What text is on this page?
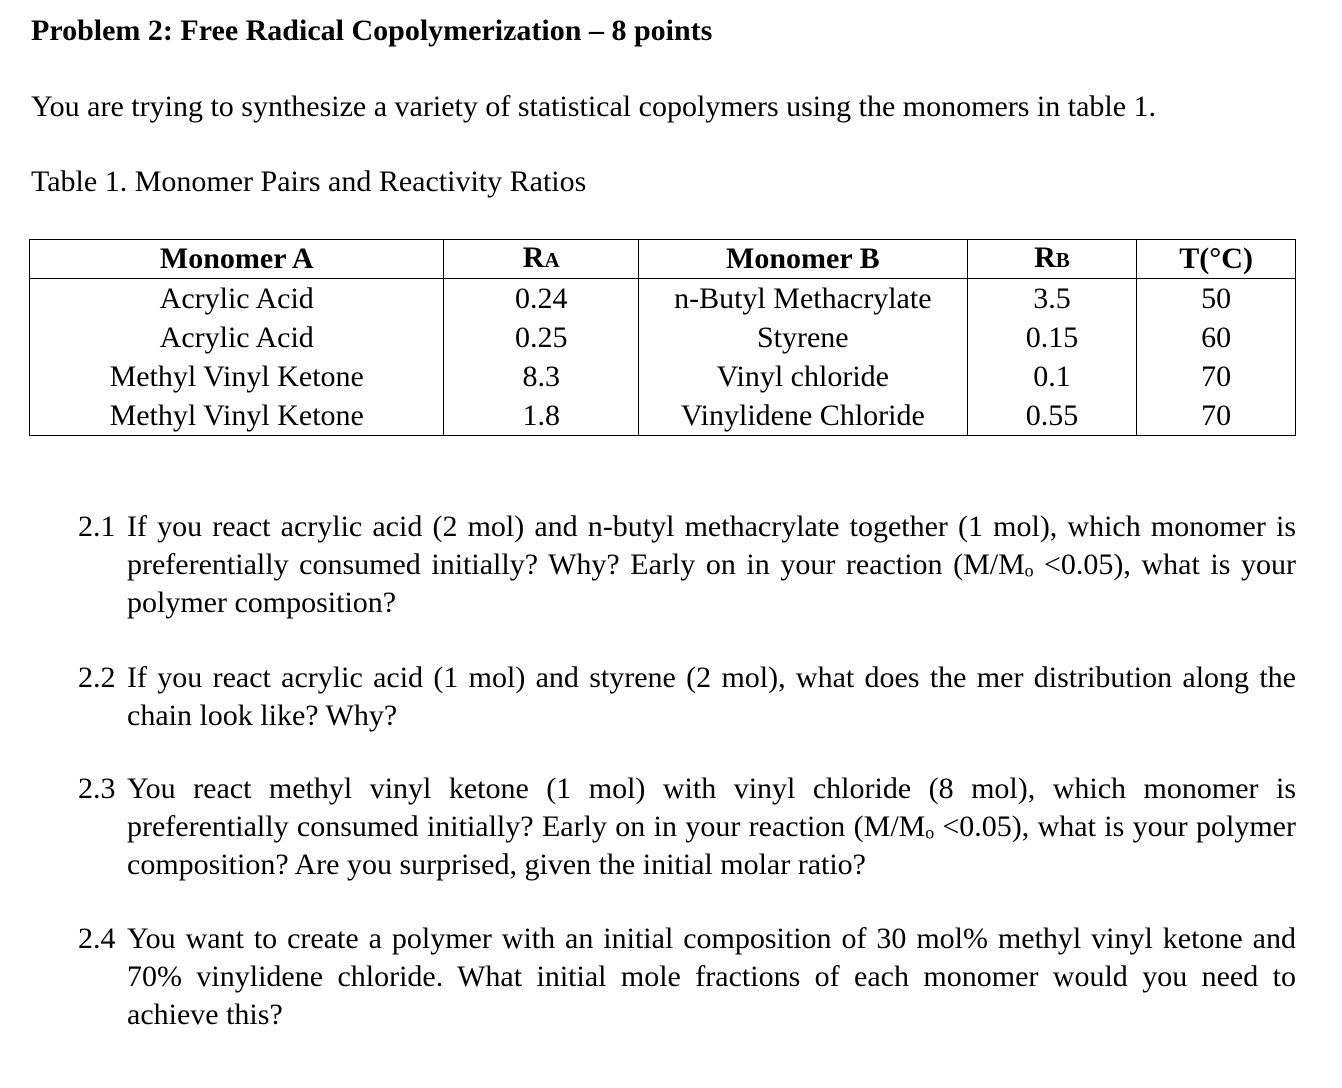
Problem 2: Free Radical Copolymerization – 8 points
You are trying to synthesize a variety of statistical copolymers using the monomers in table 1.
Table 1. Monomer Pairs and Reactivity Ratios
Monomer A	RA	Monomer B	RB	T(°C)
Acrylic Acid	0.24	n-Butyl Methacrylate	3.5	50
Acrylic Acid	0.25	Styrene	0.15	60
Methyl Vinyl Ketone	8.3	Vinyl chloride	0.1	70
Methyl Vinyl Ketone	1.8	Vinylidene Chloride	0.55	70
2.1 If you react acrylic acid (2 mol) and n-butyl methacrylate together (1 mol), which monomer is preferentially consumed initially? Why? Early on in your reaction (M/Mₒ <0.05), what is your polymer composition?
2.2 If you react acrylic acid (1 mol) and styrene (2 mol), what does the mer distribution along the chain look like? Why?
2.3 You react methyl vinyl ketone (1 mol) with vinyl chloride (8 mol), which monomer is preferentially consumed initially? Early on in your reaction (M/Mₒ <0.05), what is your polymer composition? Are you surprised, given the initial molar ratio?
2.4 You want to create a polymer with an initial composition of 30 mol% methyl vinyl ketone and 70% vinylidene chloride. What initial mole fractions of each monomer would you need to achieve this?
